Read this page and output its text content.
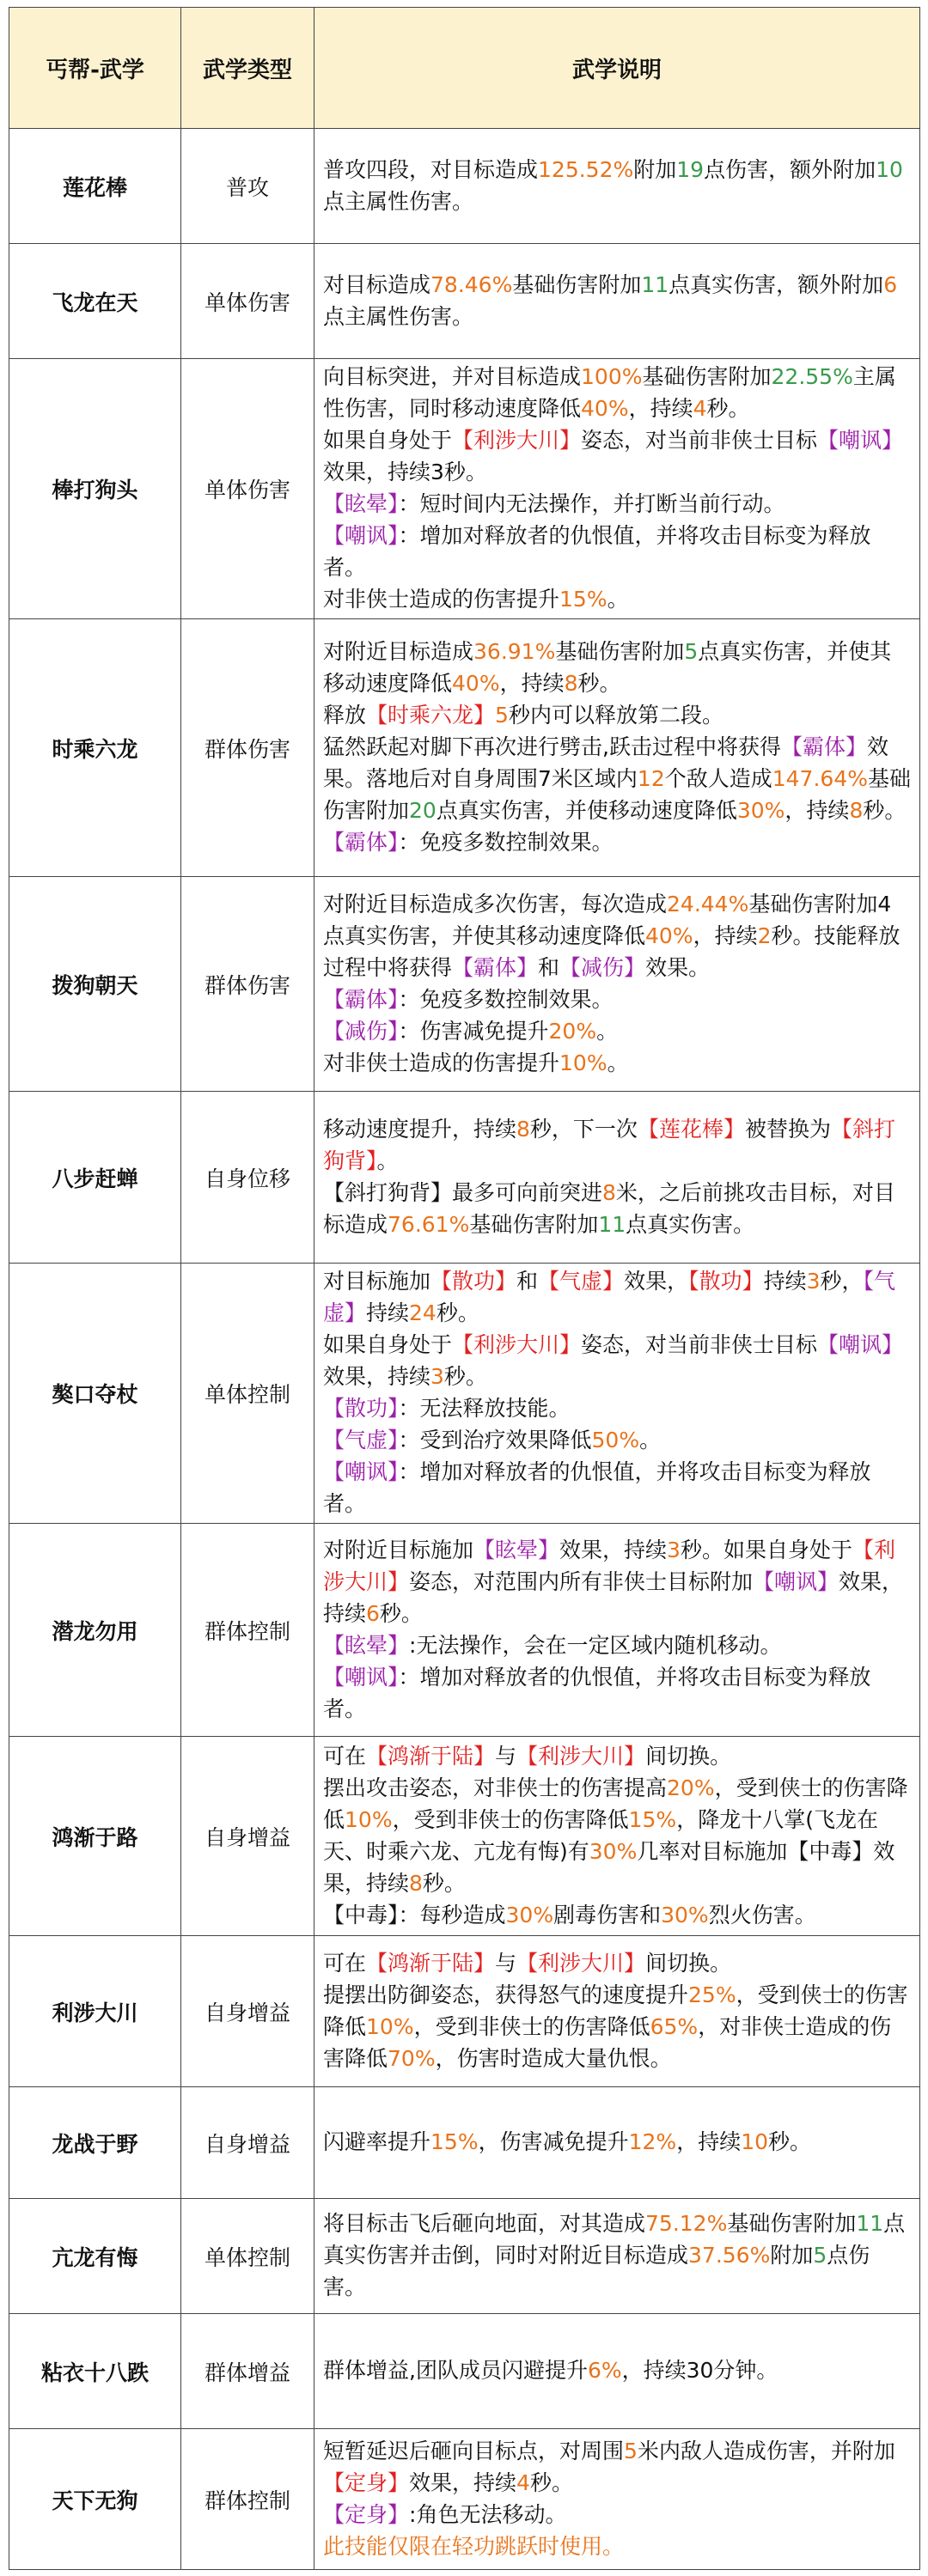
丐帮-武学	武学类型	武学说明
莲花棒	普攻	普攻四段，对目标造成125.52%附加19点伤害，额外附加10点主属性伤害。

飞龙在天	单体伤害	对目标造成78.46%基础伤害附加11点真实伤害，额外附加6点主属性伤害。

棒打狗头	单体伤害	向目标突进，并对目标造成100%基础伤害附加22.55%主属性伤害，同时移动速度降低40%，持续4秒。
如果自身处于【利涉大川】姿态，对当前非侠士目标【嘲讽】效果，持续3秒。
【眩晕】：短时间内无法操作，并打断当前行动。
【嘲讽】：增加对释放者的仇恨值，并将攻击目标变为释放者。
对非侠士造成的伤害提升15%。

时乘六龙	群体伤害	对附近目标造成36.91%基础伤害附加5点真实伤害，并使其移动速度降低40%，持续8秒。
释放【时乘六龙】5秒内可以释放第二段。
猛然跃起对脚下再次进行劈击,跃击过程中将获得【霸体】效果。落地后对自身周围7米区域内12个敌人造成147.64%基础伤害附加20点真实伤害，并使移动速度降低30%，持续8秒。
【霸体】：免疫多数控制效果。

拨狗朝天	群体伤害	对附近目标造成多次伤害，每次造成24.44%基础伤害附加4点真实伤害，并使其移动速度降低40%，持续2秒。技能释放过程中将获得【霸体】和【减伤】效果。
【霸体】：免疫多数控制效果。
【减伤】：伤害减免提升20%。
对非侠士造成的伤害提升10%。

八步赶蝉	自身位移	移动速度提升，持续8秒，下一次【莲花棒】被替换为【斜打狗背】。
【斜打狗背】最多可向前突进8米，之后前挑攻击目标，对目标造成76.61%基础伤害附加11点真实伤害。

獒口夺杖	单体控制	对目标施加【散功】和【气虚】效果，【散功】持续3秒，【气虚】持续24秒。
如果自身处于【利涉大川】姿态，对当前非侠士目标【嘲讽】效果，持续3秒。
【散功】：无法释放技能。
【气虚】：受到治疗效果降低50%。
【嘲讽】：增加对释放者的仇恨值，并将攻击目标变为释放者。

潜龙勿用	群体控制	对附近目标施加【眩晕】效果，持续3秒。如果自身处于【利涉大川】姿态，对范围内所有非侠士目标附加【嘲讽】效果，持续6秒。
【眩晕】:无法操作，会在一定区域内随机移动。
【嘲讽】：增加对释放者的仇恨值，并将攻击目标变为释放者。

鸿渐于路	自身增益	可在【鸿渐于陆】与【利涉大川】间切换。
摆出攻击姿态，对非侠士的伤害提高20%，受到侠士的伤害降低10%，受到非侠士的伤害降低15%，降龙十八掌(飞龙在天、时乘六龙、亢龙有悔)有30%几率对目标施加【中毒】效果，持续8秒。
【中毒】：每秒造成30%剧毒伤害和30%烈火伤害。

利涉大川	自身增益	可在【鸿渐于陆】与【利涉大川】间切换。
提摆出防御姿态，获得怒气的速度提升25%，受到侠士的伤害降低10%，受到非侠士的伤害降低65%，对非侠士造成的伤害降低70%，伤害时造成大量仇恨。

龙战于野	自身增益	闪避率提升15%，伤害减免提升12%，持续10秒。

亢龙有悔	单体控制	将目标击飞后砸向地面，对其造成75.12%基础伤害附加11点真实伤害并击倒，同时对附近目标造成37.56%附加5点伤害。

粘衣十八跌	群体增益	群体增益,团队成员闪避提升6%，持续30分钟。

天下无狗	群体控制	短暂延迟后砸向目标点，对周围5米内敌人造成伤害，并附加【定身】效果，持续4秒。
【定身】:角色无法移动。
此技能仅限在轻功跳跃时使用。
